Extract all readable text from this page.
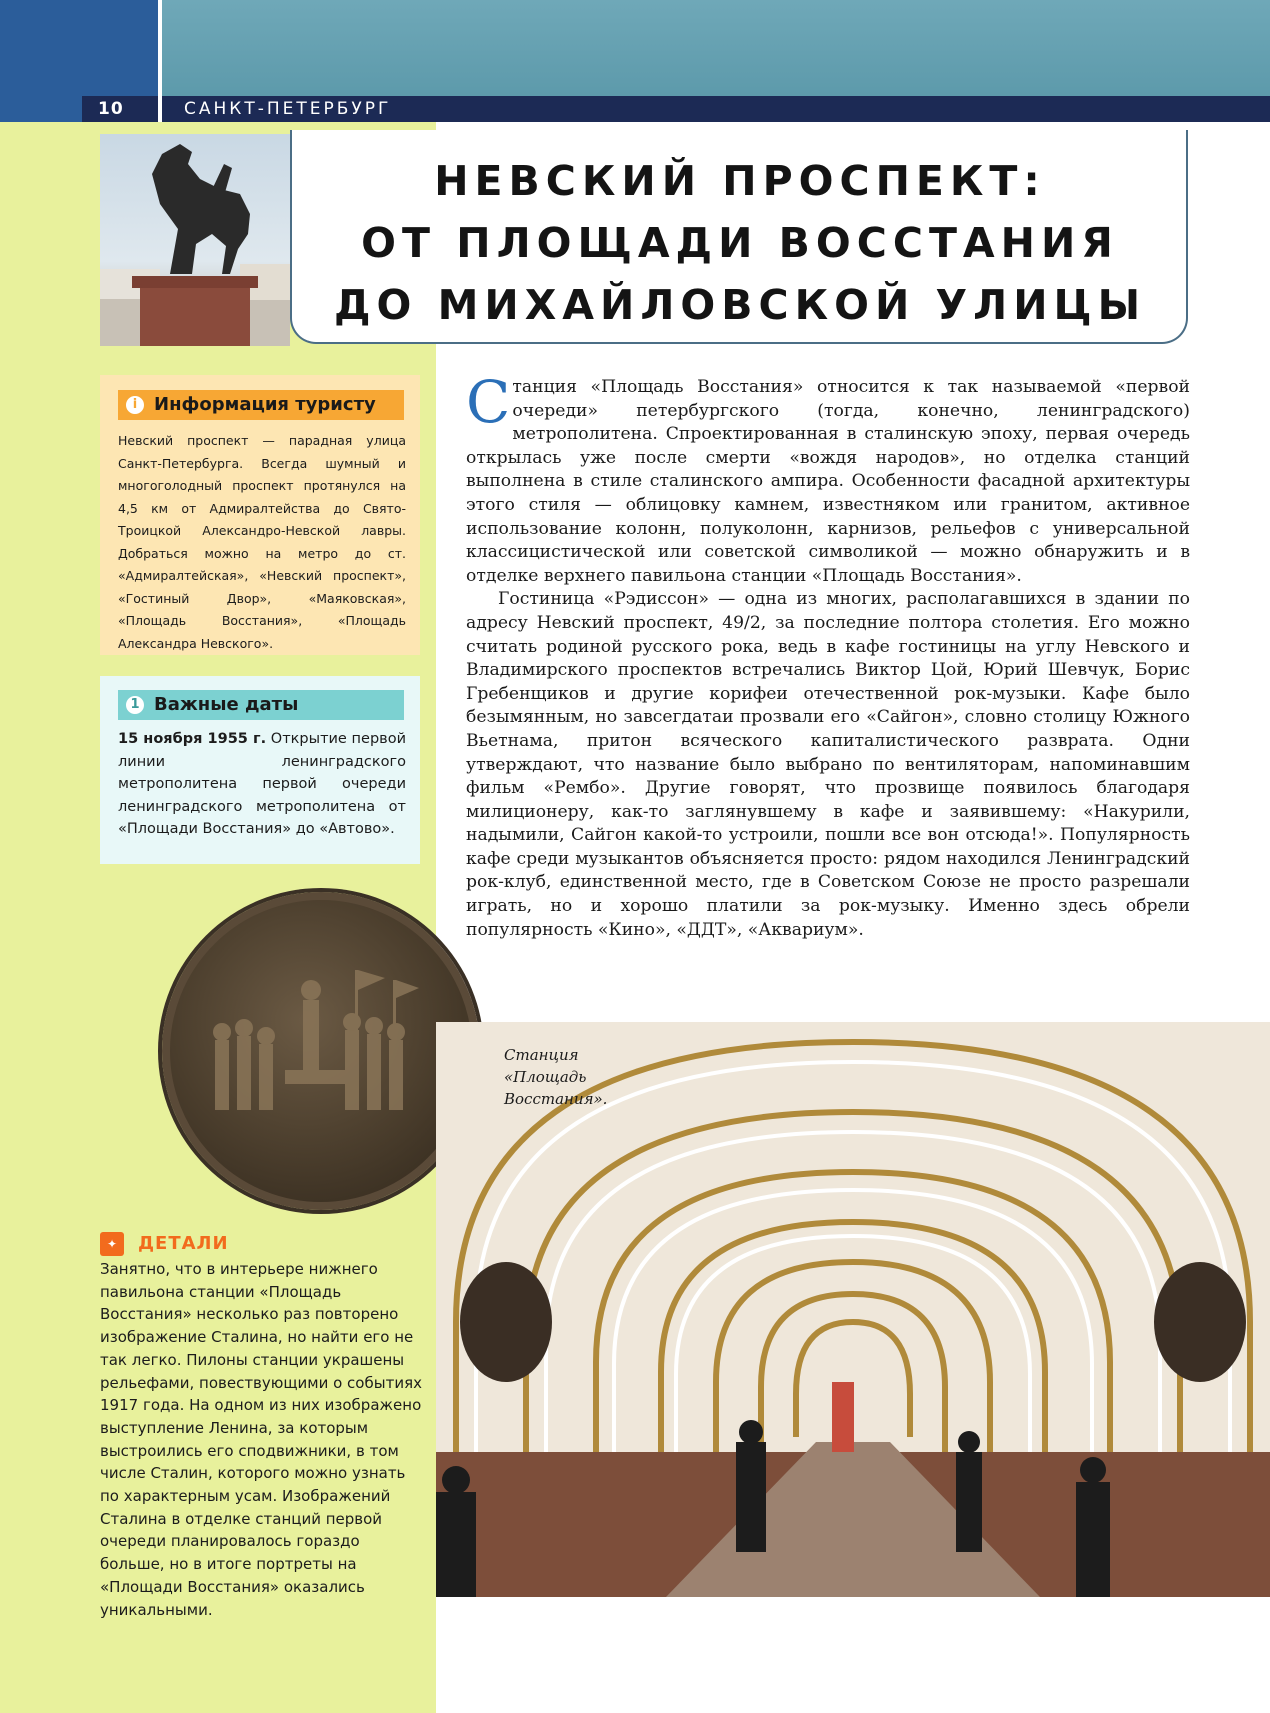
10	САНКТ-ПЕТЕРБУРГ
НЕВСКИЙ ПРОСПЕКТ:
ОТ ПЛОЩАДИ ВОССТАНИЯ
ДО МИХАЙЛОВСКОЙ УЛИЦЫ
i Информация туристу

Невский проспект — парадная улица Санкт-Петербурга. Всегда шумный и многоголодный проспект протянулся на 4,5 км от Адмиралтейства до Свято-Троицкой Александро-Невской лавры. Добраться можно на метро до ст. «Адмиралтейская», «Невский проспект», «Гостиный Двор», «Маяковская», «Площадь Восстания», «Площадь Александра Невского».

1 Важные даты

15 ноября 1955 г. Открытие первой линии ленинградского метрополитена первой очереди ленинградского метрополитена от «Площади Восстания» до «Автово».

✦	ДЕТАЛИ

Занятно, что в интерьере нижнего павильона станции «Площадь Восстания» несколько раз повторено изображение Сталина, но найти его не так легко. Пилоны станции украшены рельефами, повествующими о событиях 1917 года. На одном из них изображено выступление Ленина, за которым выстроились его сподвижники, в том числе Сталин, которого можно узнать по характерным усам. Изображений Сталина в отделке станций первой очереди планировалось гораздо больше, но в итоге портреты на «Площади Восстания» оказались уникальными.

Станция «Площадь Восстания» относится к так называемой «первой очереди» петербургского (тогда, конечно, ленинградского) метрополитена. Спроектированная в сталинскую эпоху, первая очередь открылась уже после смерти «вождя народов», но отделка станций выполнена в стиле сталинского ампира. Особенности фасадной архитектуры этого стиля — облицовку камнем, известняком или гранитом, активное использование колонн, полуколонн, карнизов, рельефов с универсальной классицистической или советской символикой — можно обнаружить и в отделке верхнего павильона станции «Площадь Восстания».

Гостиница «Рэдиссон» — одна из многих, располагавшихся в здании по адресу Невский проспект, 49/2, за последние полтора столетия. Его можно считать родиной русского рока, ведь в кафе гостиницы на углу Невского и Владимирского проспектов встречались Виктор Цой, Юрий Шевчук, Борис Гребенщиков и другие корифеи отечественной рок-музыки. Кафе было безымянным, но завсегдатаи прозвали его «Сайгон», словно столицу Южного Вьетнама, притон всяческого капиталистического разврата. Одни утверждают, что название было выбрано по вентиляторам, напоминавшим фильм «Рембо». Другие говорят, что прозвище появилось благодаря милиционеру, как-то заглянувшему в кафе и заявившему: «Накурили, надымили, Сайгон какой-то устроили, пошли все вон отсюда!». Популярность кафе среди музыкантов объясняется просто: рядом находился Ленинградский рок-клуб, единственной место, где в Советском Союзе не просто разрешали играть, но и хорошо платили за рок-музыку. Именно здесь обрели популярность «Кино», «ДДТ», «Аквариум».

Станция
«Площадь
Восстания».
